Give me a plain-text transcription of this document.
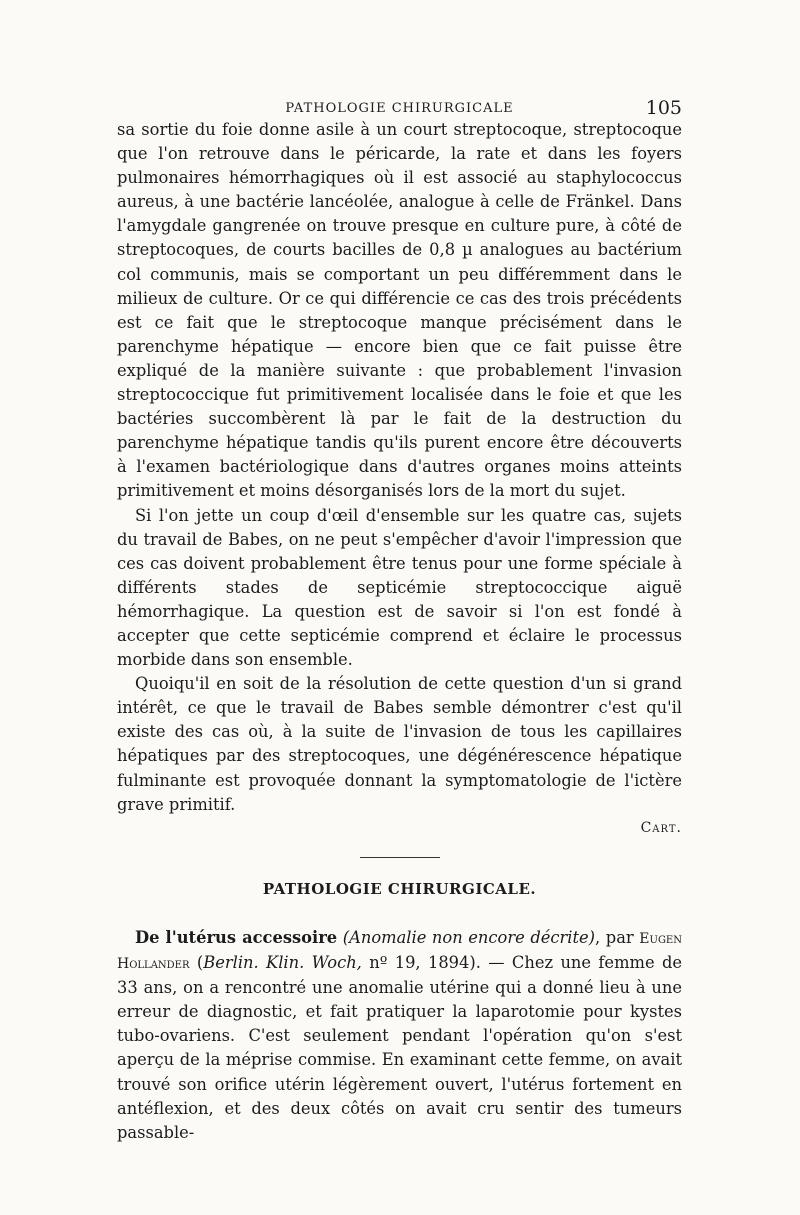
PATHOLOGIE CHIRURGICALE	105

sa sortie du foie donne asile à un court streptocoque, streptocoque que l'on retrouve dans le péricarde, la rate et dans les foyers pulmonaires hémorrhagiques où il est associé au staphylococcus aureus, à une bactérie lancéolée, analogue à celle de Fränkel. Dans l'amygdale gangrenée on trouve presque en culture pure, à côté de streptocoques, de courts bacilles de 0,8 µ analogues au bactérium col communis, mais se comportant un peu différemment dans le milieux de culture. Or ce qui différencie ce cas des trois précédents est ce fait que le streptocoque manque précisément dans le parenchyme hépatique — encore bien que ce fait puisse être expliqué de la manière suivante : que probablement l'invasion streptococcique fut primitivement localisée dans le foie et que les bactéries succombèrent là par le fait de la destruction du parenchyme hépatique tandis qu'ils purent encore être découverts à l'examen bactériologique dans d'autres organes moins atteints primitivement et moins désorganisés lors de la mort du sujet.

Si l'on jette un coup d'œil d'ensemble sur les quatre cas, sujets du travail de Babes, on ne peut s'empêcher d'avoir l'impression que ces cas doivent probablement être tenus pour une forme spéciale à différents stades de septicémie streptococcique aiguë hémorrhagique. La question est de savoir si l'on est fondé à accepter que cette septicémie comprend et éclaire le processus morbide dans son ensemble.

Quoiqu'il en soit de la résolution de cette question d'un si grand intérêt, ce que le travail de Babes semble démontrer c'est qu'il existe des cas où, à la suite de l'invasion de tous les capillaires hépatiques par des streptocoques, une dégénérescence hépatique fulminante est provoquée donnant la symptomatologie de l'ictère grave primitif.

Cart.
PATHOLOGIE CHIRURGICALE.

De l'utérus accessoire (Anomalie non encore décrite), par Eugen Hollander (Berlin. Klin. Woch, nº 19, 1894). — Chez une femme de 33 ans, on a rencontré une anomalie utérine qui a donné lieu à une erreur de diagnostic, et fait pratiquer la laparotomie pour kystes tubo-ovariens. C'est seulement pendant l'opération qu'on s'est aperçu de la méprise commise. En examinant cette femme, on avait trouvé son orifice utérin légèrement ouvert, l'utérus fortement en antéflexion, et des deux côtés on avait cru sentir des tumeurs passable-
